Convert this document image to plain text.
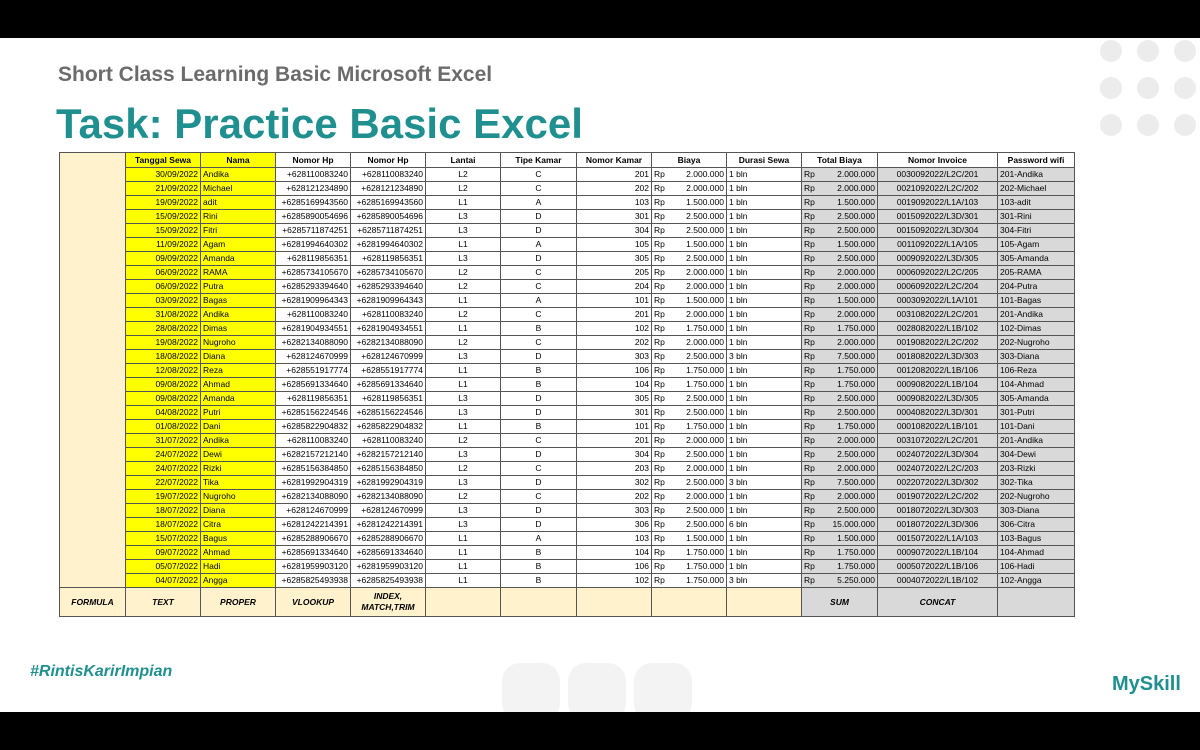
Short Class Learning Basic Microsoft Excel
Task: Practice Basic Excel
	Tanggal Sewa	Nama	Nomor Hp	Nomor Hp	Lantai	Tipe Kamar	Nomor Kamar	Biaya	Durasi Sewa	Total Biaya	Nomor Invoice	Password wifi
	30/09/2022	Andika	+628110083240	+628110083240	L2	C	201	Rp 2.000.000	1 bln	Rp 2.000.000	0030092022/L2C/201	201-Andika
	21/09/2022	Michael	+628121234890	+628121234890	L2	C	202	Rp 2.000.000	1 bln	Rp 2.000.000	0021092022/L2C/202	202-Michael
	19/09/2022	adit	+6285169943560	+6285169943560	L1	A	103	Rp 1.500.000	1 bln	Rp 1.500.000	0019092022/L1A/103	103-adit
	15/09/2022	Rini	+6285890054696	+6285890054696	L3	D	301	Rp 2.500.000	1 bln	Rp 2.500.000	0015092022/L3D/301	301-Rini
	15/09/2022	Fitri	+6285711874251	+6285711874251	L3	D	304	Rp 2.500.000	1 bln	Rp 2.500.000	0015092022/L3D/304	304-Fitri
	11/09/2022	Agam	+6281994640302	+6281994640302	L1	A	105	Rp 1.500.000	1 bln	Rp 1.500.000	0011092022/L1A/105	105-Agam
	09/09/2022	Amanda	+628119856351	+628119856351	L3	D	305	Rp 2.500.000	1 bln	Rp 2.500.000	0009092022/L3D/305	305-Amanda
	06/09/2022	RAMA	+6285734105670	+6285734105670	L2	C	205	Rp 2.000.000	1 bln	Rp 2.000.000	0006092022/L2C/205	205-RAMA
	06/09/2022	Putra	+6285293394640	+6285293394640	L2	C	204	Rp 2.000.000	1 bln	Rp 2.000.000	0006092022/L2C/204	204-Putra
	03/09/2022	Bagas	+6281909964343	+6281909964343	L1	A	101	Rp 1.500.000	1 bln	Rp 1.500.000	0003092022/L1A/101	101-Bagas
	31/08/2022	Andika	+628110083240	+628110083240	L2	C	201	Rp 2.000.000	1 bln	Rp 2.000.000	0031082022/L2C/201	201-Andika
	28/08/2022	Dimas	+6281904934551	+6281904934551	L1	B	102	Rp 1.750.000	1 bln	Rp 1.750.000	0028082022/L1B/102	102-Dimas
	19/08/2022	Nugroho	+6282134088090	+6282134088090	L2	C	202	Rp 2.000.000	1 bln	Rp 2.000.000	0019082022/L2C/202	202-Nugroho
	18/08/2022	Diana	+628124670999	+628124670999	L3	D	303	Rp 2.500.000	3 bln	Rp 7.500.000	0018082022/L3D/303	303-Diana
	12/08/2022	Reza	+628551917774	+628551917774	L1	B	106	Rp 1.750.000	1 bln	Rp 1.750.000	0012082022/L1B/106	106-Reza
	09/08/2022	Ahmad	+6285691334640	+6285691334640	L1	B	104	Rp 1.750.000	1 bln	Rp 1.750.000	0009082022/L1B/104	104-Ahmad
	09/08/2022	Amanda	+628119856351	+628119856351	L3	D	305	Rp 2.500.000	1 bln	Rp 2.500.000	0009082022/L3D/305	305-Amanda
	04/08/2022	Putri	+6285156224546	+6285156224546	L3	D	301	Rp 2.500.000	1 bln	Rp 2.500.000	0004082022/L3D/301	301-Putri
	01/08/2022	Dani	+6285822904832	+6285822904832	L1	B	101	Rp 1.750.000	1 bln	Rp 1.750.000	0001082022/L1B/101	101-Dani
	31/07/2022	Andika	+628110083240	+628110083240	L2	C	201	Rp 2.000.000	1 bln	Rp 2.000.000	0031072022/L2C/201	201-Andika
	24/07/2022	Dewi	+6282157212140	+6282157212140	L3	D	304	Rp 2.500.000	1 bln	Rp 2.500.000	0024072022/L3D/304	304-Dewi
	24/07/2022	Rizki	+6285156384850	+6285156384850	L2	C	203	Rp 2.000.000	1 bln	Rp 2.000.000	0024072022/L2C/203	203-Rizki
	22/07/2022	Tika	+6281992904319	+6281992904319	L3	D	302	Rp 2.500.000	3 bln	Rp 7.500.000	0022072022/L3D/302	302-Tika
	19/07/2022	Nugroho	+6282134088090	+6282134088090	L2	C	202	Rp 2.000.000	1 bln	Rp 2.000.000	0019072022/L2C/202	202-Nugroho
	18/07/2022	Diana	+628124670999	+628124670999	L3	D	303	Rp 2.500.000	1 bln	Rp 2.500.000	0018072022/L3D/303	303-Diana
	18/07/2022	Citra	+6281242214391	+6281242214391	L3	D	306	Rp 2.500.000	6 bln	Rp 15.000.000	0018072022/L3D/306	306-Citra
	15/07/2022	Bagus	+6285288906670	+6285288906670	L1	A	103	Rp 1.500.000	1 bln	Rp 1.500.000	0015072022/L1A/103	103-Bagus
	09/07/2022	Ahmad	+6285691334640	+6285691334640	L1	B	104	Rp 1.750.000	1 bln	Rp 1.750.000	0009072022/L1B/104	104-Ahmad
	05/07/2022	Hadi	+6281959903120	+6281959903120	L1	B	106	Rp 1.750.000	1 bln	Rp 1.750.000	0005072022/L1B/106	106-Hadi
	04/07/2022	Angga	+6285825493938	+6285825493938	L1	B	102	Rp 1.750.000	3 bln	Rp 5.250.000	0004072022/L1B/102	102-Angga
FORMULA	TEXT	PROPER	VLOOKUP	INDEX,
MATCH,TRIM						SUM	CONCAT	
#RintisKarirImpian
MySkill
